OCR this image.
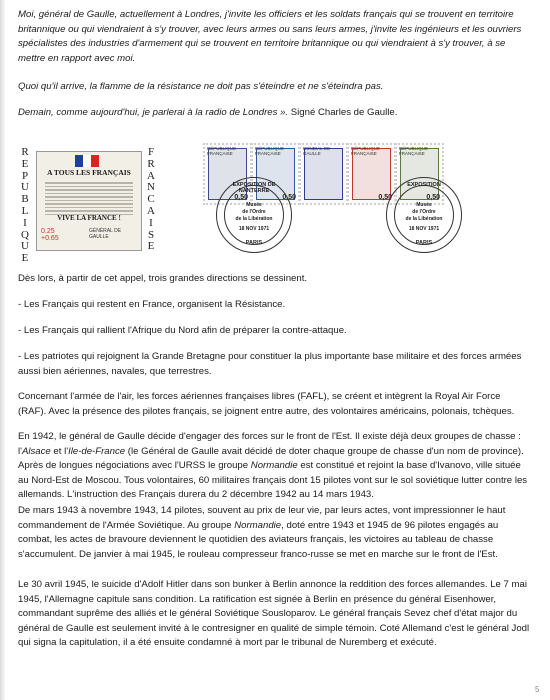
Moi, général de Gaulle, actuellement à Londres, j'invite les officiers et les soldats français qui se trouvent en territoire britannique ou qui viendraient à s'y trouver, avec leurs armes ou sans leurs armes, j'invite les ingénieurs et les ouvriers spécialistes des industries d'armement qui se trouvent en territoire britannique ou qui viendraient à s'y trouver, à se mettre en rapport avec moi.

Quoi qu'il arrive, la flamme de la résistance ne doit pas s'éteindre et ne s'éteindra pas.

Demain, comme aujourd'hui, je parlerai à la radio de Londres ». Signé Charles de Gaulle.

R
E
P
U
B
L
I
Q
U
E
A TOUS LES FRANÇAIS
VIVE LA FRANCE !
0.25
+0.65
GÉNÉRAL DE GAULLE
F
R
A
N
C
A
I
S
E
RÉPUBLIQUE FRANÇAISE
0,50
RÉPUBLIQUE FRANÇAISE
0,50
BONDIAL DE GAULLE
RÉPUBLIQUE FRANÇAISE
0,50
RÉPUBLIQUE FRANÇAISE
0,50
EXPOSITION DE NANTERRE
Musée
de l'Ordre
de la Libération
18 NOV 1971
PARIS
EXPOSITION
Musée
de l'Ordre
de la Libération
18 NOV 1971
PARIS

Dès lors, à partir de cet appel, trois grandes directions se dessinent.

- Les Français qui restent en France, organisent la Résistance.

- Les Français qui rallient l'Afrique du Nord afin de préparer la contre-attaque.

- Les patriotes qui rejoignent la Grande Bretagne pour constituer la plus importante base militaire et des forces armées aussi bien aériennes, navales, que terrestres.

Concernant l'armée de l'air, les forces aériennes françaises libres (FAFL), se créent et intègrent la Royal Air Force (RAF). Avec la présence des pilotes français, se joignent entre autre, des volontaires américains, polonais, tchèques.

En 1942, le général de Gaulle décide d'engager des forces sur le front de l'Est. Il existe déjà deux groupes de chasse : l'Alsace et l'Ile-de-France (le Général de Gaulle avait décidé de doter chaque groupe de chasse d'un nom de province). Après de longues négociations avec l'URSS le groupe Normandie est constitué et rejoint la base d'Ivanovo, ville située au Nord-Est de Moscou. Tous volontaires, 60 militaires français dont 15 pilotes vont sur le sol soviétique lutter contre les allemands. L'instruction des Français durera du 2 décembre 1942 au 14 mars 1943.

De mars 1943 à novembre 1943, 14 pilotes, souvent au prix de leur vie, par leurs actes, vont impressionner le haut commandement de l'Armée Soviétique. Au groupe Normandie, doté entre 1943 et 1945 de 96 pilotes engagés au combat, les actes de bravoure deviennent le quotidien des aviateurs français, les victoires au tableau de chasse s'accumulent. De janvier à mai 1945, le rouleau compresseur franco-russe se met en marche sur le front de l'Est.

Le 30 avril 1945, le suicide d'Adolf Hitler dans son bunker à Berlin annonce la reddition des forces allemandes. Le 7 mai 1945, l'Allemagne capitule sans condition. La ratification est signée à Berlin en présence du général Eisenhower, commandant suprême des alliés et le général Soviétique Sousloparov. Le général français Sevez chef d'état major du général de Gaulle est seulement invité à le contresigner en qualité de simple témoin. Coté Allemand c'est le général Jodl qui signa la capitulation, il a été ensuite condamné à mort par le tribunal de Nuremberg et exécuté.

5
